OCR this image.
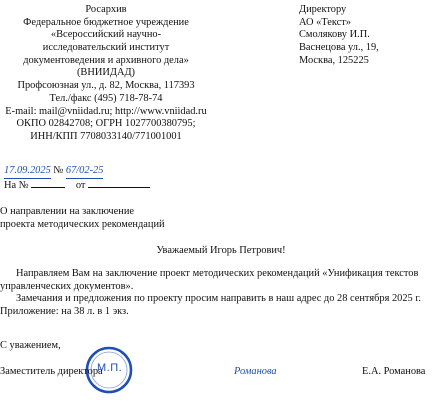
Росархив
Федеральное бюджетное учреждение
«Всероссийский научно-
исследовательский институт
документоведения и архивного дела»
(ВНИИДАД)
Профсоюзная ул., д. 82, Москва, 117393
Тел./факс (495) 718-78-74
E-mail: mail@vniidad.ru; http://www.vniidad.ru
ОКПО 02842708; ОГРН 1027700380795;
ИНН/КПП 7708033140/771001001
Директору
АО «Текст»
Смолякову И.П.
Васнецова ул., 19,
Москва, 125225
17.09.2025 № 67/02-25
На №	от
О направлении на заключение
проекта методических рекомендаций
Уважаемый Игорь Петрович!

Направляем Вам на заключение проект методических рекомендаций «Унификация текстов

управленческих документов».

Замечания и предложения по проекту просим направить в наш адрес до 28 сентября 2025 г.

Приложение: на 38 л. в 1 экз.

С уважением,
М.П.
Заместитель директора	Романова	Е.А. Романова
